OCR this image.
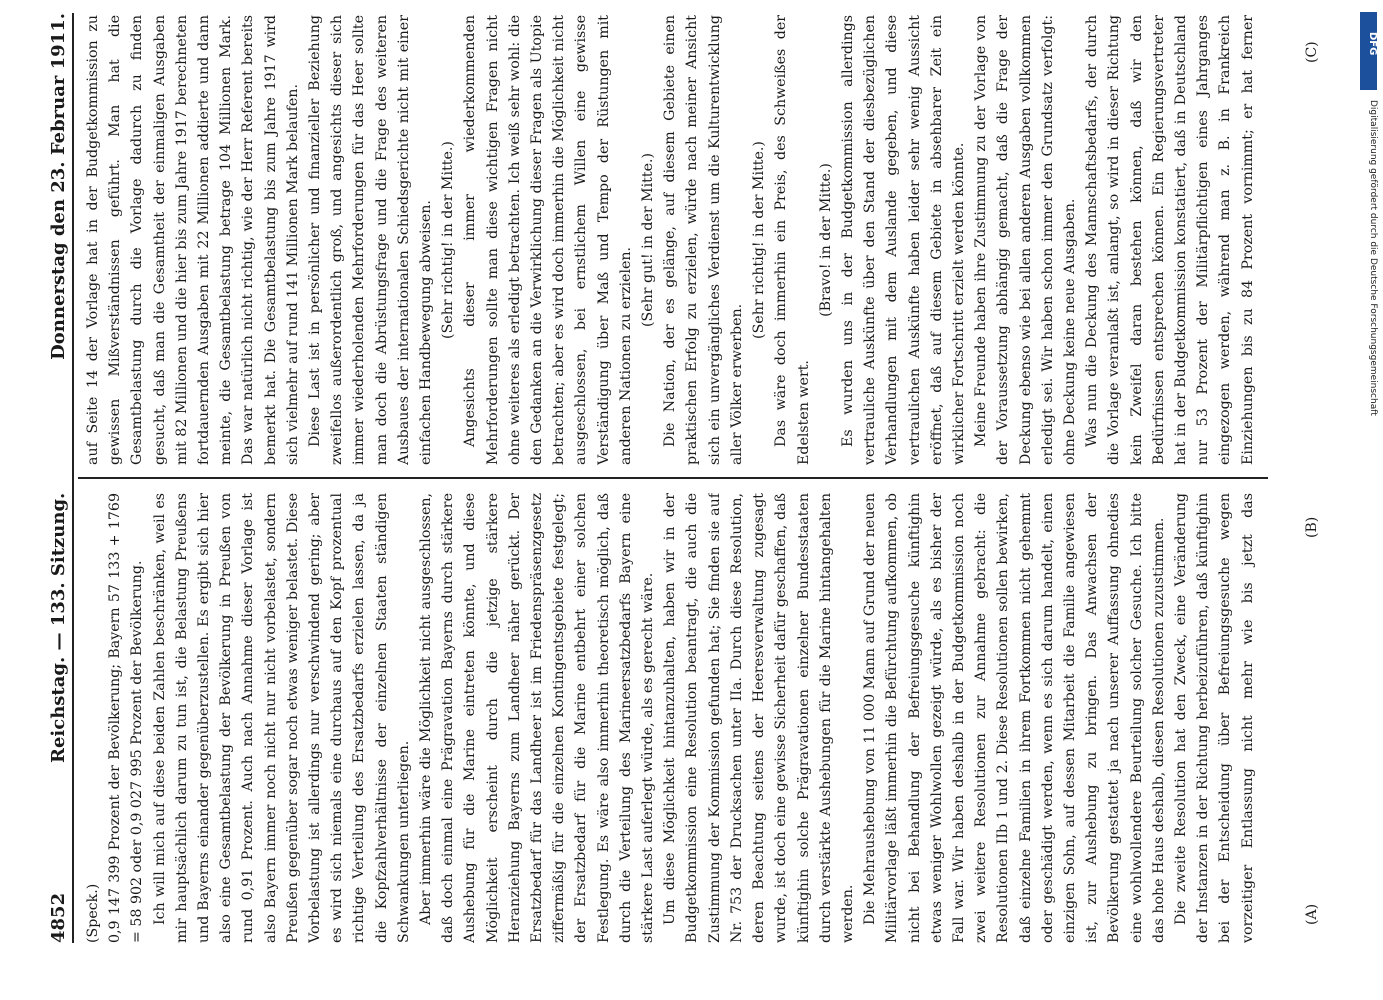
4852
Reichstag. — 133. Sitzung.
Donnerstag den 23. Februar 1911.

(Speck.) 0,9 147 399 Prozent der Bevölkerung; Bayern 57 133 + 1769 = 58 902 oder 0,9 027 995 Prozent der Bevölkerung. Ich will mich auf diese beiden Zahlen beschränken, weil es mir hauptsächlich darum zu tun ist, die Belastung Preußens und Bayerns einander gegenüberzustellen. Es ergibt sich hier also eine Gesamtbelastung der Bevölkerung in Preußen von rund 0,91 Prozent. Auch nach Annahme dieser Vorlage ist also Bayern immer noch nicht nur nicht vorbelastet, sondern Preußen gegenüber sogar noch etwas weniger belastet. Diese Vorbelastung ist allerdings nur verschwindend gering; aber es wird sich niemals eine durchaus auf den Kopf prozentual richtige Verteilung des Ersatzbedarfs erzielen lassen, da ja die Kopfzahlverhältnisse der einzelnen Staaten ständigen Schwankungen unterliegen. Aber immerhin wäre die Möglichkeit nicht ausgeschlossen, daß doch einmal eine Prägravation Bayerns durch stärkere Aushebung für die Marine eintreten könnte, und diese Möglichkeit erscheint durch die jetzige stärkere Heranziehung Bayerns zum Landheer näher gerückt. Der Ersatzbedarf für das Landheer ist im Friedenspräsenzgesetz ziffermäßig für die einzelnen Kontingentsgebiete festgelegt; der Ersatzbedarf für die Marine entbehrt einer solchen Festlegung. Es wäre also immerhin theoretisch möglich, daß durch die Verteilung des Marineersatzbedarfs Bayern eine stärkere Last auferlegt würde, als es gerecht wäre. Um diese Möglichkeit hintanzuhalten, haben wir in der Budgetkommission eine Resolution beantragt, die auch die Zustimmung der Kommission gefunden hat; Sie finden sie auf Nr. 753 der Drucksachen unter IIa. Durch diese Resolution, deren Beachtung seitens der Heeresverwaltung zugesagt wurde, ist doch eine gewisse Sicherheit dafür geschaffen, daß künftighin solche Prägravationen einzelner Bundesstaaten durch verstärkte Aushebungen für die Marine hintangehalten werden. Die Mehraushebung von 11 000 Mann auf Grund der neuen Militärvorlage läßt immerhin die Befürchtung aufkommen, ob nicht bei Behandlung der Befreiungsgesuche künftighin etwas weniger Wohlwollen gezeigt würde, als es bisher der Fall war. Wir haben deshalb in der Budgetkommission noch zwei weitere Resolutionen zur Annahme gebracht: die Resolutionen IIb 1 und 2. Diese Resolutionen sollen bewirken, daß einzelne Familien in ihrem Fortkommen nicht gehemmt oder geschädigt werden, wenn es sich darum handelt, einen einzigen Sohn, auf dessen Mitarbeit die Familie angewiesen ist, zur Aushebung zu bringen. Das Anwachsen der Bevölkerung gestattet ja nach unserer Auffassung ohnedies eine wohlwollendere Beurteilung solcher Gesuche. Ich bitte das hohe Haus deshalb, diesen Resolutionen zuzustimmen. Die zweite Resolution hat den Zweck, eine Veränderung der Instanzen in der Richtung herbeizuführen, daß künftighin bei der Entscheidung über Befreiungsgesuche wegen vorzeitiger Entlassung nicht mehr wie bis jetzt das

auf Seite 14 der Vorlage hat in der Budgetkommission zu gewissen Mißverständnissen geführt. Man hat die Gesamtbelastung durch die Vorlage dadurch zu finden gesucht, daß man die Gesamtheit der einmaligen Ausgaben mit 82 Millionen und die hier bis zum Jahre 1917 berechneten fortdauernden Ausgaben mit 22 Millionen addierte und dann meinte, die Gesamtbelastung betrage 104 Millionen Mark. Das war natürlich nicht richtig, wie der Herr Referent bereits bemerkt hat. Die Gesamtbelastung bis zum Jahre 1917 wird sich vielmehr auf rund 141 Millionen Mark belaufen. Diese Last ist in persönlicher und finanzieller Beziehung zweifellos außerordentlich groß, und angesichts dieser sich immer wiederholenden Mehrforderungen für das Heer sollte man doch die Abrüstungsfrage und die Frage des weiteren Ausbaues der internationalen Schiedsgerichte nicht mit einer einfachen Handbewegung abweisen. (Sehr richtig! in der Mitte.) Angesichts dieser immer wiederkommenden Mehrforderungen sollte man diese wichtigen Fragen nicht ohne weiteres als erledigt betrachten. Ich weiß sehr wohl: die den Gedanken an die Verwirklichung dieser Fragen als Utopie betrachten; aber es wird doch immerhin die Möglichkeit nicht ausgeschlossen, bei ernstlichem Willen eine gewisse Verständigung über Maß und Tempo der Rüstungen mit anderen Nationen zu erzielen.

(Sehr gut! in der Mitte.) Die Nation, der es gelänge, auf diesem Gebiete einen praktischen Erfolg zu erzielen, würde nach meiner Ansicht sich ein unvergängliches Verdienst um die Kulturentwicklung aller Völker erwerben.

(Sehr richtig! in der Mitte.) Das wäre doch immerhin ein Preis, des Schweißes der Edelsten wert.

(Bravo! in der Mitte.) Es wurden uns in der Budgetkommission allerdings vertrauliche Auskünfte über den Stand der diesbezüglichen Verhandlungen mit dem Auslande gegeben, und diese vertraulichen Auskünfte haben leider sehr wenig Aussicht eröffnet, daß auf diesem Gebiete in absehbarer Zeit ein wirklicher Fortschritt erzielt werden könnte. Meine Freunde haben ihre Zustimmung zu der Vorlage von der Voraussetzung abhängig gemacht, daß die Frage der Deckung ebenso wie bei allen anderen Ausgaben vollkommen erledigt sei. Wir haben schon immer den Grundsatz verfolgt: ohne Deckung keine neue Ausgaben. Was nun die Deckung des Mannschaftsbedarfs, der durch die Vorlage veranlaßt ist, anlangt, so wird in dieser Richtung kein Zweifel daran bestehen können, daß wir den Bedürfnissen entsprechen können. Ein Regierungsvertreter hat in der Budgetkommission konstatiert, daß in Deutschland nur 53 Prozent der Militärpflichtigen eines Jahrganges eingezogen werden, während man z. B. in Frankreich Einziehungen bis zu 84 Prozent vornimmt; er hat ferner

(A)
(B)
(C)	DFG
Digitalisierung gefördert durch die Deutsche Forschungsgemeinschaft
